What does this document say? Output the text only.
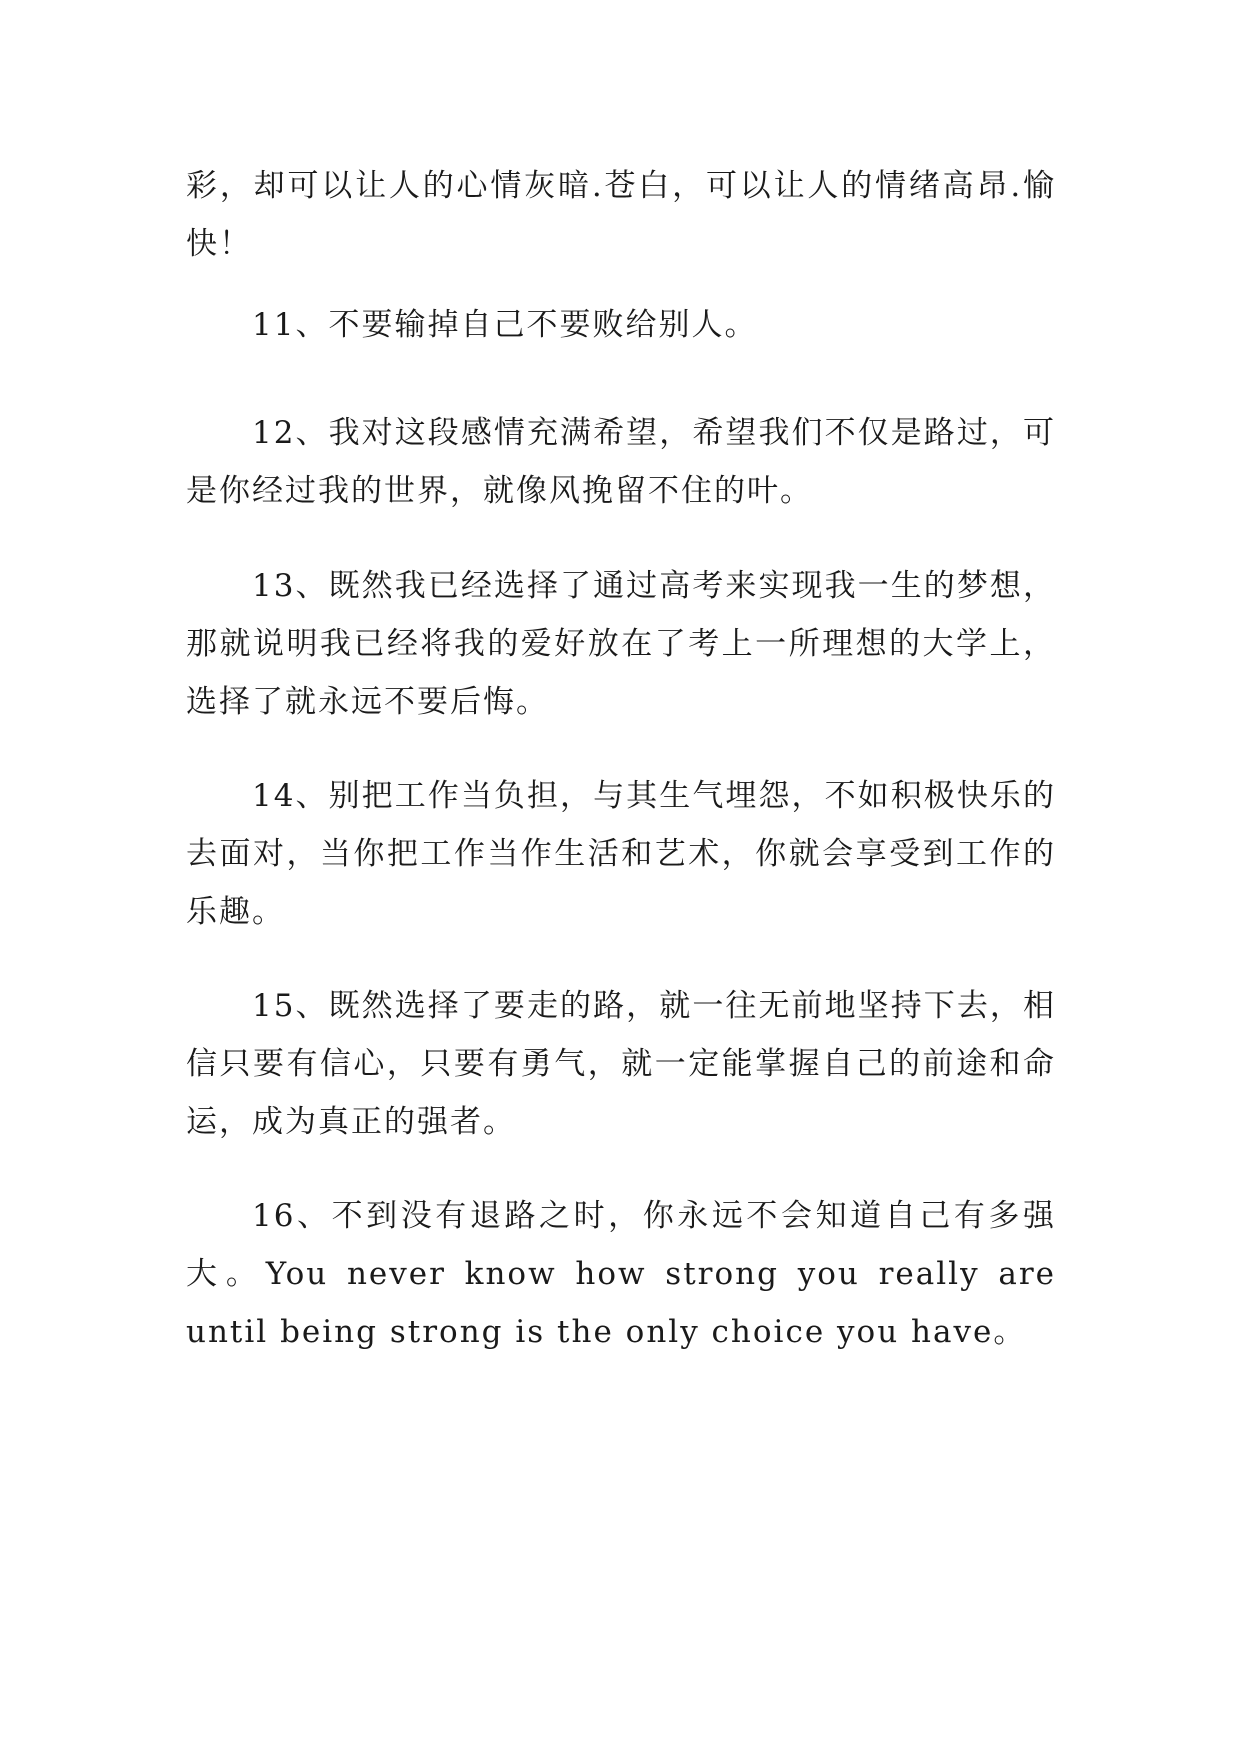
彩，却可以让人的心情灰暗.苍白，可以让人的情绪高昂.愉快！

11、不要输掉自己不要败给别人。

12、我对这段感情充满希望，希望我们不仅是路过，可是你经过我的世界，就像风挽留不住的叶。

13、既然我已经选择了通过高考来实现我一生的梦想，那就说明我已经将我的爱好放在了考上一所理想的大学上，选择了就永远不要后悔。

14、别把工作当负担，与其生气埋怨，不如积极快乐的去面对，当你把工作当作生活和艺术，你就会享受到工作的乐趣。

15、既然选择了要走的路，就一往无前地坚持下去，相信只要有信心，只要有勇气，就一定能掌握自己的前途和命运，成为真正的强者。

16、不到没有退路之时，你永远不会知道自己有多强大。You never know how strong you really are until being strong is the only choice you have。
